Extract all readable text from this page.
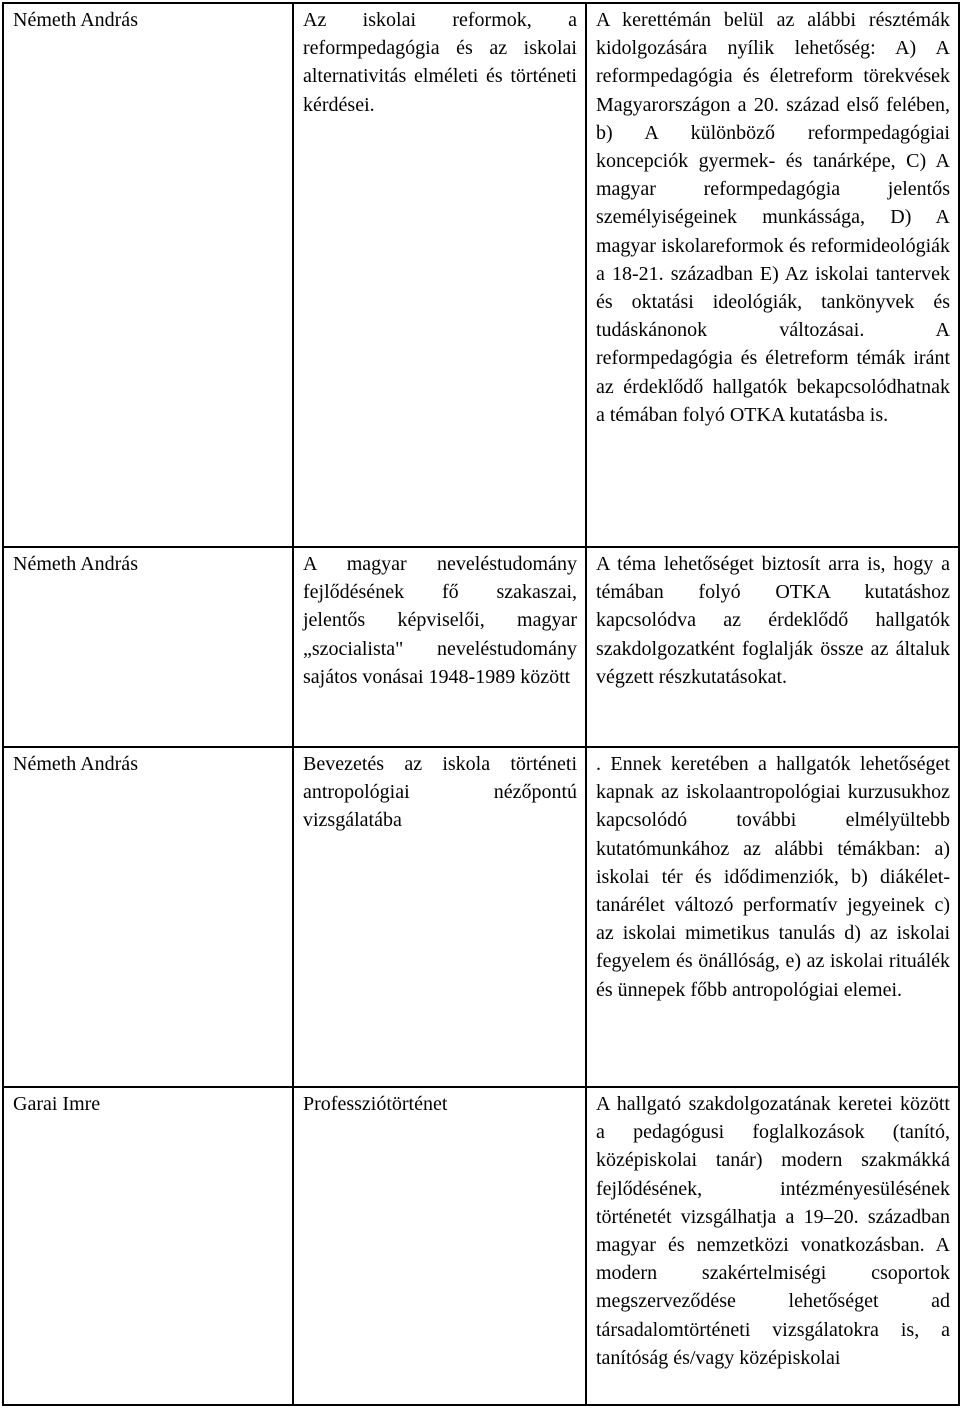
Németh András	Az iskolai reformok, a reformpedagógia és az iskolai alternativitás elméleti és történeti kérdései.	A kerettémán belül az alábbi résztémák kidolgozására nyílik lehetőség: A) A reformpedagógia és életreform törekvések Magyarországon a 20. század első felében, b) A különböző reformpedagógiai koncepciók gyermek- és tanárképe, C) A magyar reformpedagógia jelentős személyiségeinek munkássága, D) A magyar iskolareformok és reformideológiák a 18-21. században E) Az iskolai tantervek és oktatási ideológiák, tankönyvek és tudáskánonok változásai. A reformpedagógia és életreform témák iránt az érdeklődő hallgatók bekapcsolódhatnak a témában folyó OTKA kutatásba is.
Németh András	A magyar neveléstudomány fejlődésének fő szakaszai, jelentős képviselői, magyar „szocialista" neveléstudomány sajátos vonásai 1948-1989 között	A téma lehetőséget biztosít arra is, hogy a témában folyó OTKA kutatáshoz kapcsolódva az érdeklődő hallgatók szakdolgozatként foglalják össze az általuk végzett részkutatásokat.
Németh András	Bevezetés az iskola történeti antropológiai nézőpontú vizsgálatába	. Ennek keretében a hallgatók lehetőséget kapnak az iskolaantropológiai kurzusukhoz kapcsolódó további elmélyültebb kutatómunkához az alábbi témákban: a) iskolai tér és idődimenziók, b) diákélet-tanárélet változó performatív jegyeinek c) az iskolai mimetikus tanulás d) az iskolai fegyelem és önállóság, e) az iskolai rituálék és ünnepek főbb antropológiai elemei.
Garai Imre	Professziótörténet	A hallgató szakdolgozatának keretei között a pedagógusi foglalkozások (tanító, középiskolai tanár) modern szakmákká fejlődésének, intézményesülésének történetét vizsgálhatja a 19–20. században magyar és nemzetközi vonatkozásban. A modern szakértelmiségi csoportok megszerveződése lehetőséget ad társadalomtörténeti vizsgálatokra is, a tanítóság és/vagy középiskolai
